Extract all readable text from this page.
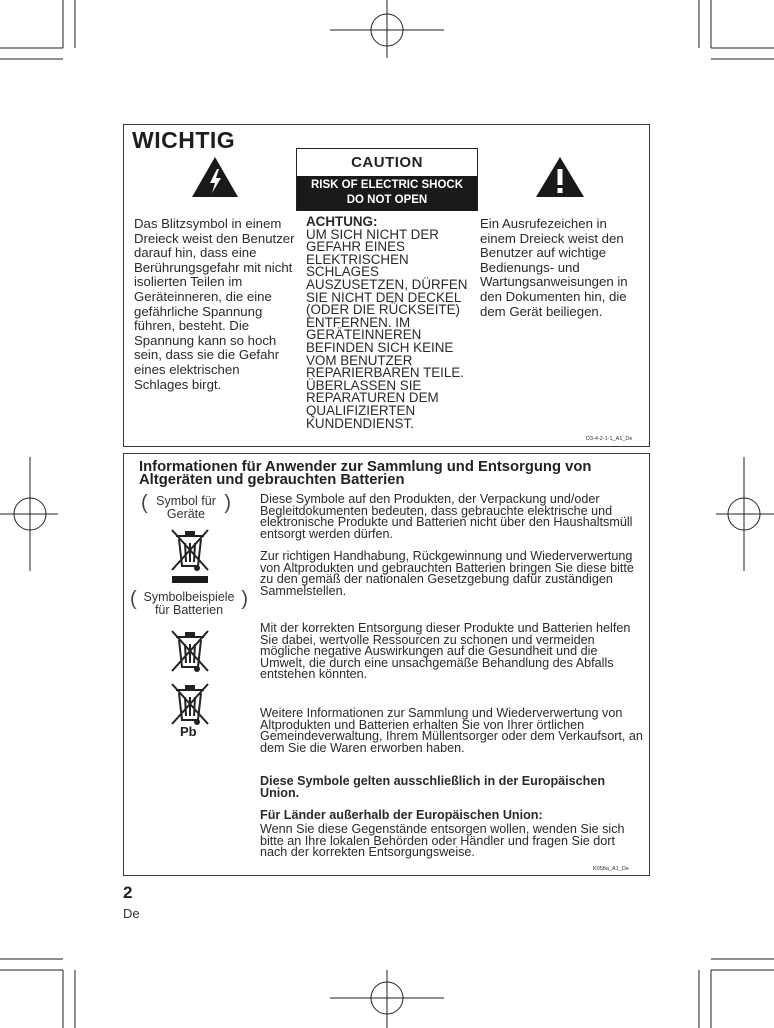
WICHTIG
CAUTION
RISK OF ELECTRIC SHOCK
DO NOT OPEN
Das Blitzsymbol in einem Dreieck weist den Benutzer darauf hin, dass eine Berührungsgefahr mit nicht isolierten Teilen im Geräteinneren, die eine gefährliche Spannung führen, besteht. Die Spannung kann so hoch sein, dass sie die Gefahr eines elektrischen Schlages birgt.
ACHTUNG:
UM SICH NICHT DER GEFAHR EINES ELEKTRISCHEN SCHLAGES AUSZUSETZEN, DÜRFEN SIE NICHT DEN DECKEL (ODER DIE RÜCKSEITE) ENTFERNEN. IM GERÄTEINNEREN BEFINDEN SICH KEINE VOM BENUTZER REPARIERBAREN TEILE. ÜBERLASSEN SIE REPARATUREN DEM QUALIFIZIERTEN KUNDENDIENST.
Ein Ausrufezeichen in einem Dreieck weist den Benutzer auf wichtige Bedienungs- und Wartungsanweisungen in den Dokumenten hin, die dem Gerät beiliegen.
D3-4-2-1-1_A1_De
Informationen für Anwender zur Sammlung und Entsorgung von Altgeräten und gebrauchten Batterien
( Symbol für Geräte )
( Symbolbeispiele für Batterien )
Pb
Diese Symbole auf den Produkten, der Verpackung und/oder Begleitdokumenten bedeuten, dass gebrauchte elektrische und elektronische Produkte und Batterien nicht über den Haushaltsmüll entsorgt werden dürfen.
Zur richtigen Handhabung, Rückgewinnung und Wiederverwertung von Altprodukten und gebrauchten Batterien bringen Sie diese bitte zu den gemäß der nationalen Gesetzgebung dafür zuständigen Sammelstellen.
Mit der korrekten Entsorgung dieser Produkte und Batterien helfen Sie dabei, wertvolle Ressourcen zu schonen und vermeiden mögliche negative Auswirkungen auf die Gesundheit und die Umwelt, die durch eine unsachgemäße Behandlung des Abfalls entstehen könnten.
Weitere Informationen zur Sammlung und Wiederverwertung von Altprodukten und Batterien erhalten Sie von Ihrer örtlichen Gemeindeverwaltung, Ihrem Müllentsorger oder dem Verkaufsort, an dem Sie die Waren erworben haben.
Diese Symbole gelten ausschließlich in der Europäischen Union.
Für Länder außerhalb der Europäischen Union:
Wenn Sie diese Gegenstände entsorgen wollen, wenden Sie sich bitte an Ihre lokalen Behörden oder Händler und fragen Sie dort nach der korrekten Entsorgungsweise.
K058a_A1_De
2
De
